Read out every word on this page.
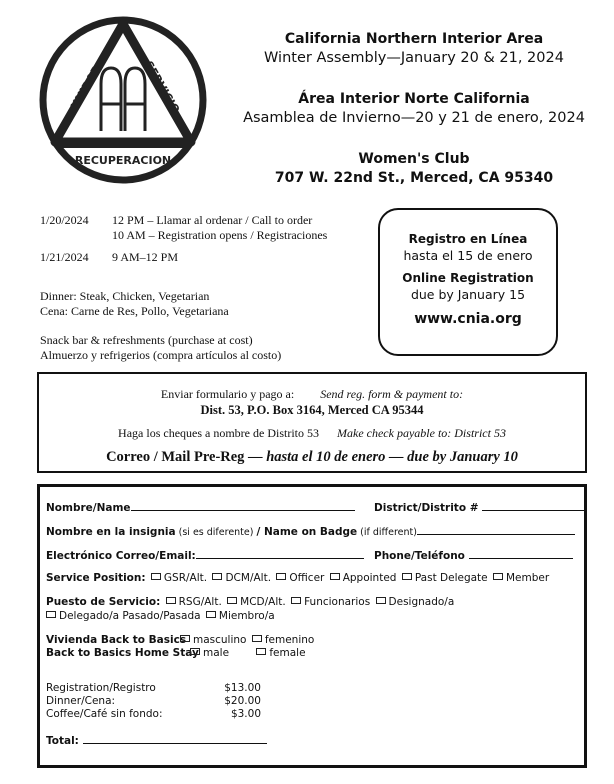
UNIDAD	SERVICIO
RECUPERACION
California Northern Interior Area
Winter Assembly—January 20 & 21, 2024
Área Interior Norte California
Asamblea de Invierno—20 y 21 de enero, 2024
Women's Club
707 W. 22nd St., Merced, CA 95340
1/20/2024 12 PM – Llamar al ordenar / Call to order
10 AM – Registration opens / Registraciones
1/21/2024 9 AM–12 PM
Dinner: Steak, Chicken, Vegetarian
Cena: Carne de Res, Pollo, Vegetariana
Snack bar & refreshments (purchase at cost)
Almuerzo y refrigerios (compra artículos al costo)
Registro en Línea
hasta el 15 de enero
Online Registration
due by January 15
www.cnia.org
Enviar formulario y pago a: Send reg. form & payment to:
Dist. 53, P.O. Box 3164, Merced CA 95344
Haga los cheques a nombre de Distrito 53 Make check payable to: District 53
Correo / Mail Pre-Reg — hasta el 10 de enero — due by January 10
Nombre/Name	District/Distrito #
Nombre en la insignia (si es diferente) / Name on Badge (if different)
Electrónico Correo/Email:	Phone/Teléfono
Service Position: GSR/Alt. DCM/Alt. Officer Appointed Past Delegate Member
Puesto de Servicio: RSG/Alt. MCD/Alt. Funcionarios Designado/a
Delegado/a Pasado/Pasada Miembro/a
Vivienda Back to Basics masculino femenino
Back to Basics Home Stay male	female
Registration/Registro	$13.00
Dinner/Cena:	$20.00
Coffee/Café sin fondo:	$3.00
Total:
